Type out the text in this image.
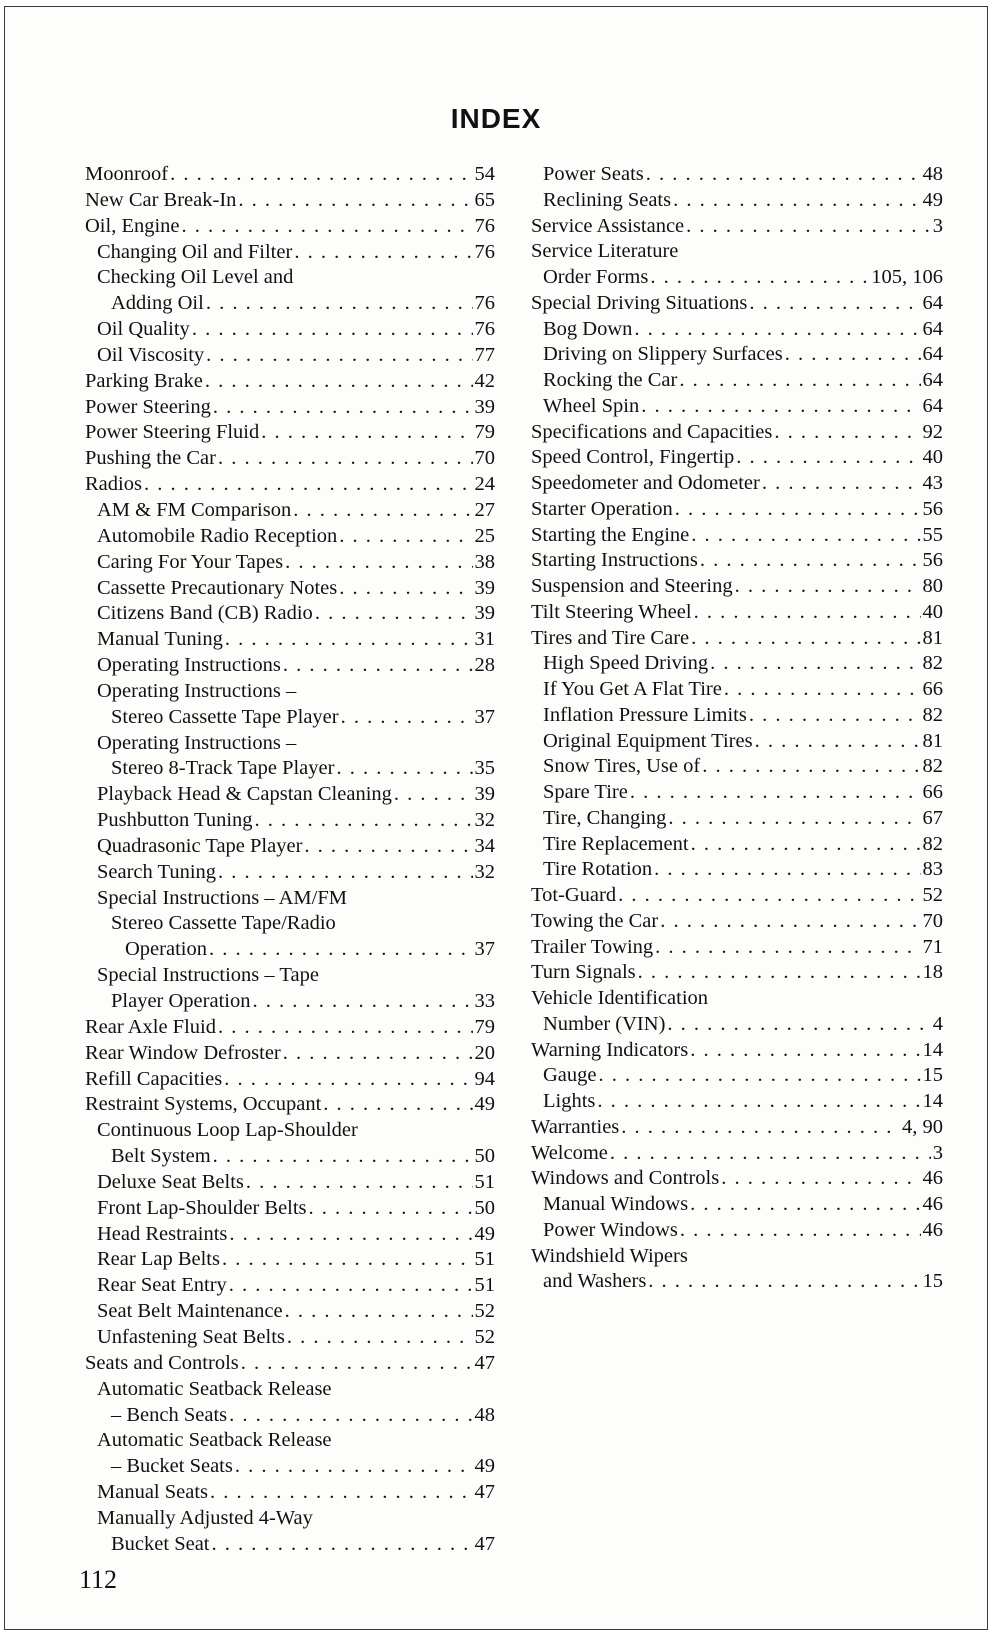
INDEX
Moonroof . . .	54
New Car Break-In . . .	65
Oil, Engine . . .	76
Changing Oil and Filter . . .	76
Checking Oil Level and
Adding Oil . . .	76
Oil Quality . . .	76
Oil Viscosity . . .	77
Parking Brake . . .	42
Power Steering . . .	39
Power Steering Fluid . . .	79
Pushing the Car . . .	70
Radios . . .	24
AM & FM Comparison . . .	27
Automobile Radio Reception . . .	25
Caring For Your Tapes . . .	38
Cassette Precautionary Notes . . .	39
Citizens Band (CB) Radio . . .	39
Manual Tuning . . .	31
Operating Instructions . . .	28
Operating Instructions –
Stereo Cassette Tape Player . . .	37
Operating Instructions –
Stereo 8-Track Tape Player . . .	35
Playback Head & Capstan Cleaning . . .	39
Pushbutton Tuning . . .	32
Quadrasonic Tape Player . . .	34
Search Tuning . . .	32
Special Instructions – AM/FM
Stereo Cassette Tape/Radio
Operation . . .	37
Special Instructions – Tape
Player Operation . . .	33
Rear Axle Fluid . . .	79
Rear Window Defroster . . .	20
Refill Capacities . . .	94
Restraint Systems, Occupant . . .	49
Continuous Loop Lap-Shoulder
Belt System . . .	50
Deluxe Seat Belts . . .	51
Front Lap-Shoulder Belts . . .	50
Head Restraints . . .	49
Rear Lap Belts . . .	51
Rear Seat Entry . . .	51
Seat Belt Maintenance . . .	52
Unfastening Seat Belts . . .	52
Seats and Controls . . .	47
Automatic Seatback Release
– Bench Seats . . .	48
Automatic Seatback Release
– Bucket Seats . . .	49
Manual Seats . . .	47
Manually Adjusted 4-Way
Bucket Seat . . .	47
Power Seats . . .	48
Reclining Seats . . .	49
Service Assistance . . .	3
Service Literature
Order Forms . . .	105, 106
Special Driving Situations . . .	64
Bog Down . . .	64
Driving on Slippery Surfaces . . .	64
Rocking the Car . . .	64
Wheel Spin . . .	64
Specifications and Capacities . . .	92
Speed Control, Fingertip . . .	40
Speedometer and Odometer . . .	43
Starter Operation . . .	56
Starting the Engine . . .	55
Starting Instructions . . .	56
Suspension and Steering . . .	80
Tilt Steering Wheel . . .	40
Tires and Tire Care . . .	81
High Speed Driving . . .	82
If You Get A Flat Tire . . .	66
Inflation Pressure Limits . . .	82
Original Equipment Tires . . .	81
Snow Tires, Use of . . .	82
Spare Tire . . .	66
Tire, Changing . . .	67
Tire Replacement . . .	82
Tire Rotation . . .	83
Tot-Guard . . .	52
Towing the Car . . .	70
Trailer Towing . . .	71
Turn Signals . . .	18
Vehicle Identification
Number (VIN) . . .	4
Warning Indicators . . .	14
Gauge . . .	15
Lights . . .	14
Warranties . . .	4, 90
Welcome . . .	3
Windows and Controls . . .	46
Manual Windows . . .	46
Power Windows . . .	46
Windshield Wipers
and Washers . . .	15
112
